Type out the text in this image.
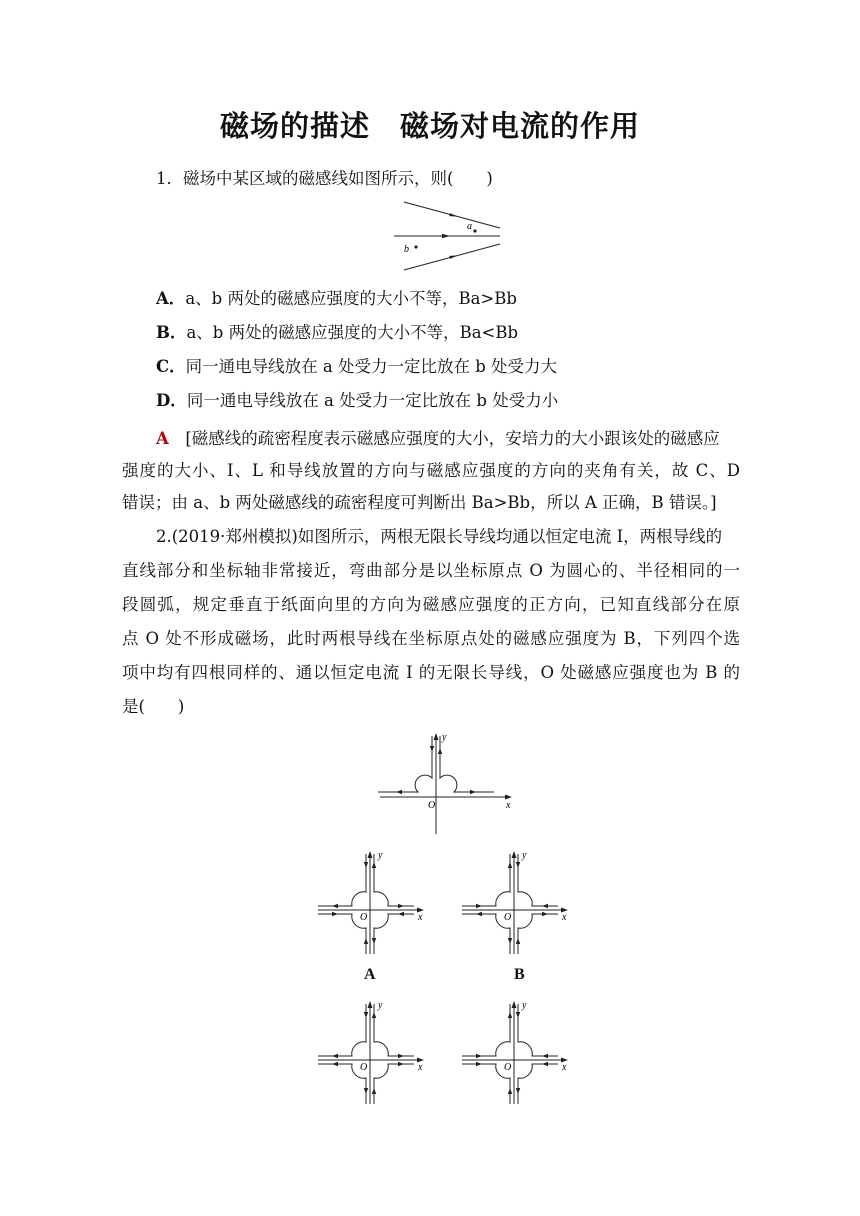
磁场的描述　磁场对电流的作用
1．磁场中某区域的磁感线如图所示，则(　　)
a
b
A．a、b 两处的磁感应强度的大小不等，Ba>Bb
B．a、b 两处的磁感应强度的大小不等，Ba<Bb
C．同一通电导线放在 a 处受力一定比放在 b 处受力大
D．同一通电导线放在 a 处受力一定比放在 b 处受力小
A　 [磁感线的疏密程度表示磁感应强度的大小，安培力的大小跟该处的磁感应
强度的大小、I、L 和导线放置的方向与磁感应强度的方向的夹角有关，故 C、D
错误；由 a、b 两处磁感线的疏密程度可判断出 Ba>Bb，所以 A 正确，B 错误。]
2.(2019·郑州模拟)如图所示，两根无限长导线均通以恒定电流 I，两根导线的
直线部分和坐标轴非常接近，弯曲部分是以坐标原点 O 为圆心的、半径相同的一
段圆弧，规定垂直于纸面向里的方向为磁感应强度的正方向，已知直线部分在原
点 O 处不形成磁场，此时两根导线在坐标原点处的磁感应强度为 B，下列四个选
项中均有四根同样的、通以恒定电流 I 的无限长导线，O 处磁感应强度也为 B 的
是(　　)
y
x
O
y
x
O
A
y
x
O
B
y
x
O
y
x
O
